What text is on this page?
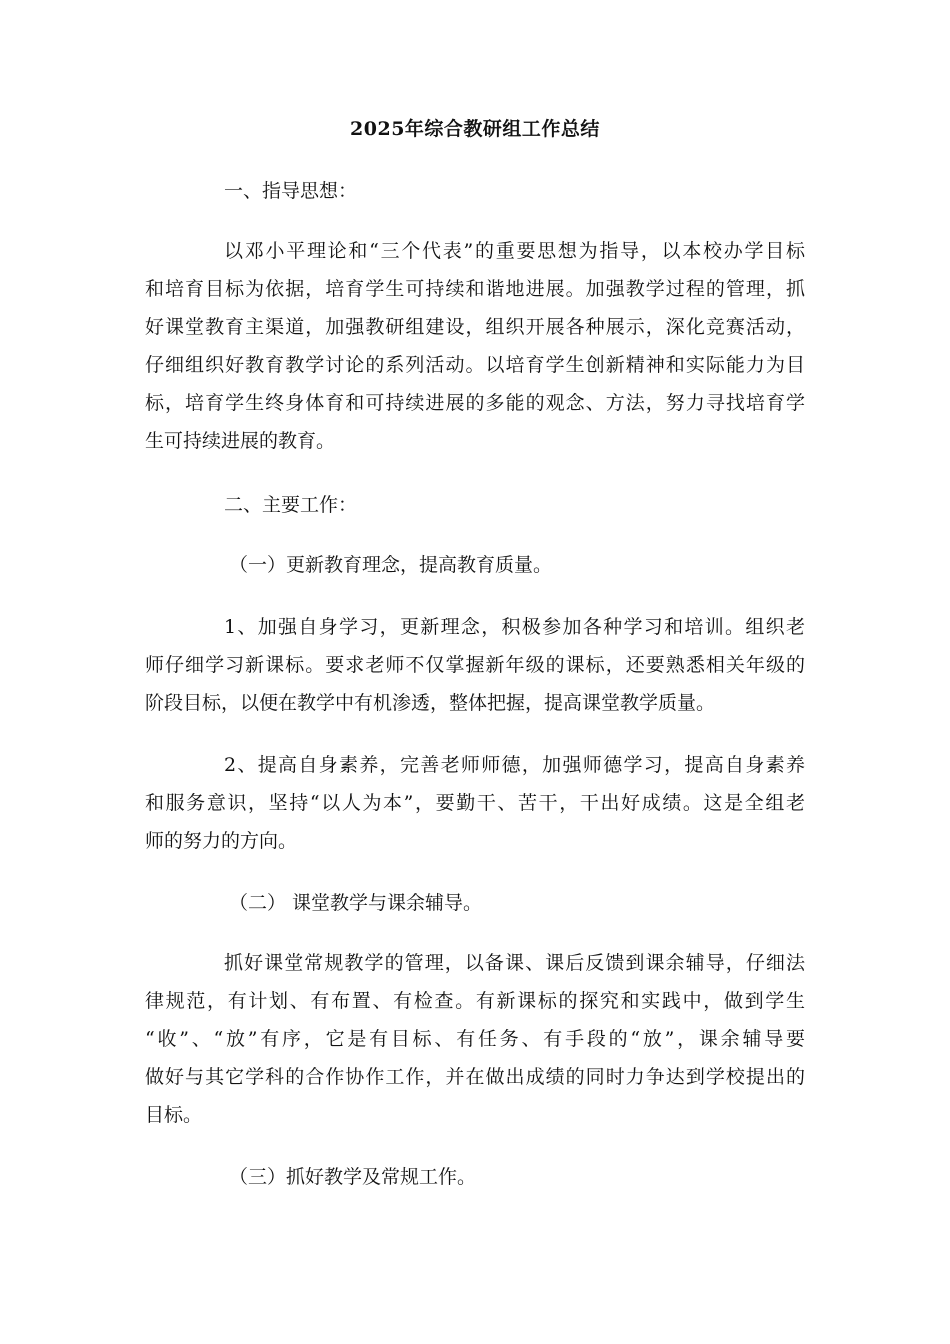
2025年综合教研组工作总结
一、指导思想：
以邓小平理论和“三个代表”的重要思想为指导，以本校办学目标
和培育目标为依据，培育学生可持续和谐地进展。加强教学过程的管理，抓
好课堂教育主渠道，加强教研组建设，组织开展各种展示，深化竞赛活动，
仔细组织好教育教学讨论的系列活动。以培育学生创新精神和实际能力为目
标，培育学生终身体育和可持续进展的多能的观念、方法，努力寻找培育学
生可持续进展的教育。
二、主要工作：
（一）更新教育理念，提高教育质量。
1、加强自身学习，更新理念，积极参加各种学习和培训。组织老
师仔细学习新课标。要求老师不仅掌握新年级的课标，还要熟悉相关年级的
阶段目标，以便在教学中有机渗透，整体把握，提高课堂教学质量。
2、提高自身素养，完善老师师德，加强师德学习，提高自身素养
和服务意识，坚持“以人为本”，要勤干、苦干，干出好成绩。这是全组老
师的努力的方向。
（二） 课堂教学与课余辅导。
抓好课堂常规教学的管理，以备课、课后反馈到课余辅导，仔细法
律规范，有计划、有布置、有检查。有新课标的探究和实践中，做到学生
“收”、“放”有序，它是有目标、有任务、有手段的“放”，课余辅导要
做好与其它学科的合作协作工作，并在做出成绩的同时力争达到学校提出的
目标。
（三）抓好教学及常规工作。
